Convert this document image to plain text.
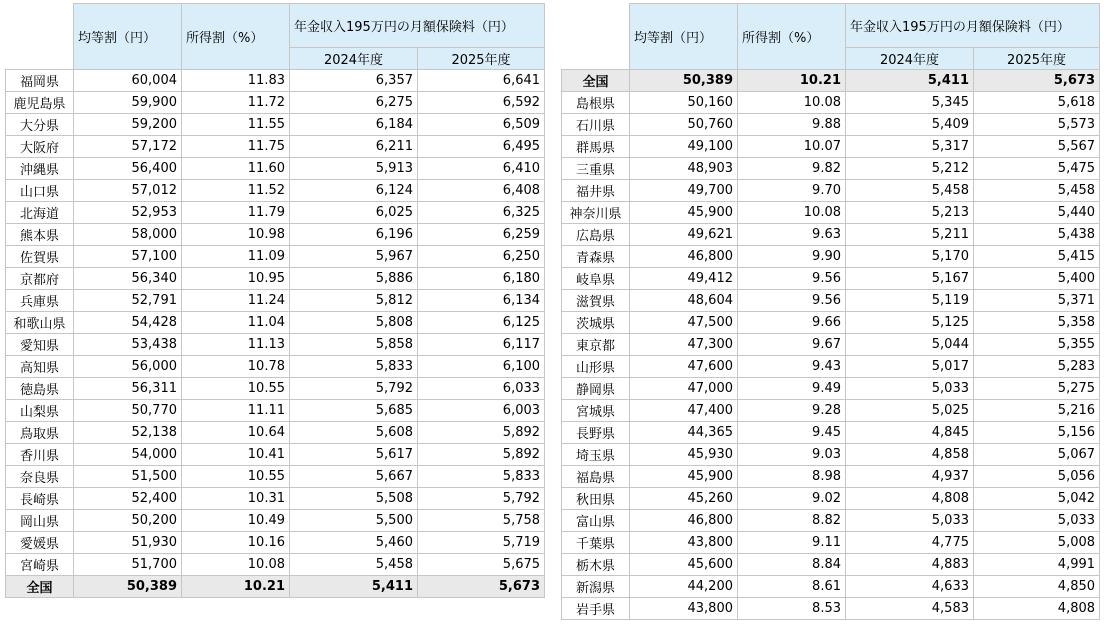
	均等割（円）	所得割（%）	年金収入195万円の月額保険料（円）	
			2024年度	2025年度
福岡県	60,004	11.83	6,357	6,641
鹿児島県	59,900	11.72	6,275	6,592
大分県	59,200	11.55	6,184	6,509
大阪府	57,172	11.75	6,211	6,495
沖縄県	56,400	11.60	5,913	6,410
山口県	57,012	11.52	6,124	6,408
北海道	52,953	11.79	6,025	6,325
熊本県	58,000	10.98	6,196	6,259
佐賀県	57,100	11.09	5,967	6,250
京都府	56,340	10.95	5,886	6,180
兵庫県	52,791	11.24	5,812	6,134
和歌山県	54,428	11.04	5,808	6,125
愛知県	53,438	11.13	5,858	6,117
高知県	56,000	10.78	5,833	6,100
徳島県	56,311	10.55	5,792	6,033
山梨県	50,770	11.11	5,685	6,003
鳥取県	52,138	10.64	5,608	5,892
香川県	54,000	10.41	5,617	5,892
奈良県	51,500	10.55	5,667	5,833
長崎県	52,400	10.31	5,508	5,792
岡山県	50,200	10.49	5,500	5,758
愛媛県	51,930	10.16	5,460	5,719
宮崎県	51,700	10.08	5,458	5,675
全国	50,389	10.21	5,411	5,673
	均等割（円）	所得割（%）	年金収入195万円の月額保険料（円）	
			2024年度	2025年度
全国	50,389	10.21	5,411	5,673
島根県	50,160	10.08	5,345	5,618
石川県	50,760	9.88	5,409	5,573
群馬県	49,100	10.07	5,317	5,567
三重県	48,903	9.82	5,212	5,475
福井県	49,700	9.70	5,458	5,458
神奈川県	45,900	10.08	5,213	5,440
広島県	49,621	9.63	5,211	5,438
青森県	46,800	9.90	5,170	5,415
岐阜県	49,412	9.56	5,167	5,400
滋賀県	48,604	9.56	5,119	5,371
茨城県	47,500	9.66	5,125	5,358
東京都	47,300	9.67	5,044	5,355
山形県	47,600	9.43	5,017	5,283
静岡県	47,000	9.49	5,033	5,275
宮城県	47,400	9.28	5,025	5,216
長野県	44,365	9.45	4,845	5,156
埼玉県	45,930	9.03	4,858	5,067
福島県	45,900	8.98	4,937	5,056
秋田県	45,260	9.02	4,808	5,042
富山県	46,800	8.82	5,033	5,033
千葉県	43,800	9.11	4,775	5,008
栃木県	45,600	8.84	4,883	4,991
新潟県	44,200	8.61	4,633	4,850
岩手県	43,800	8.53	4,583	4,808
